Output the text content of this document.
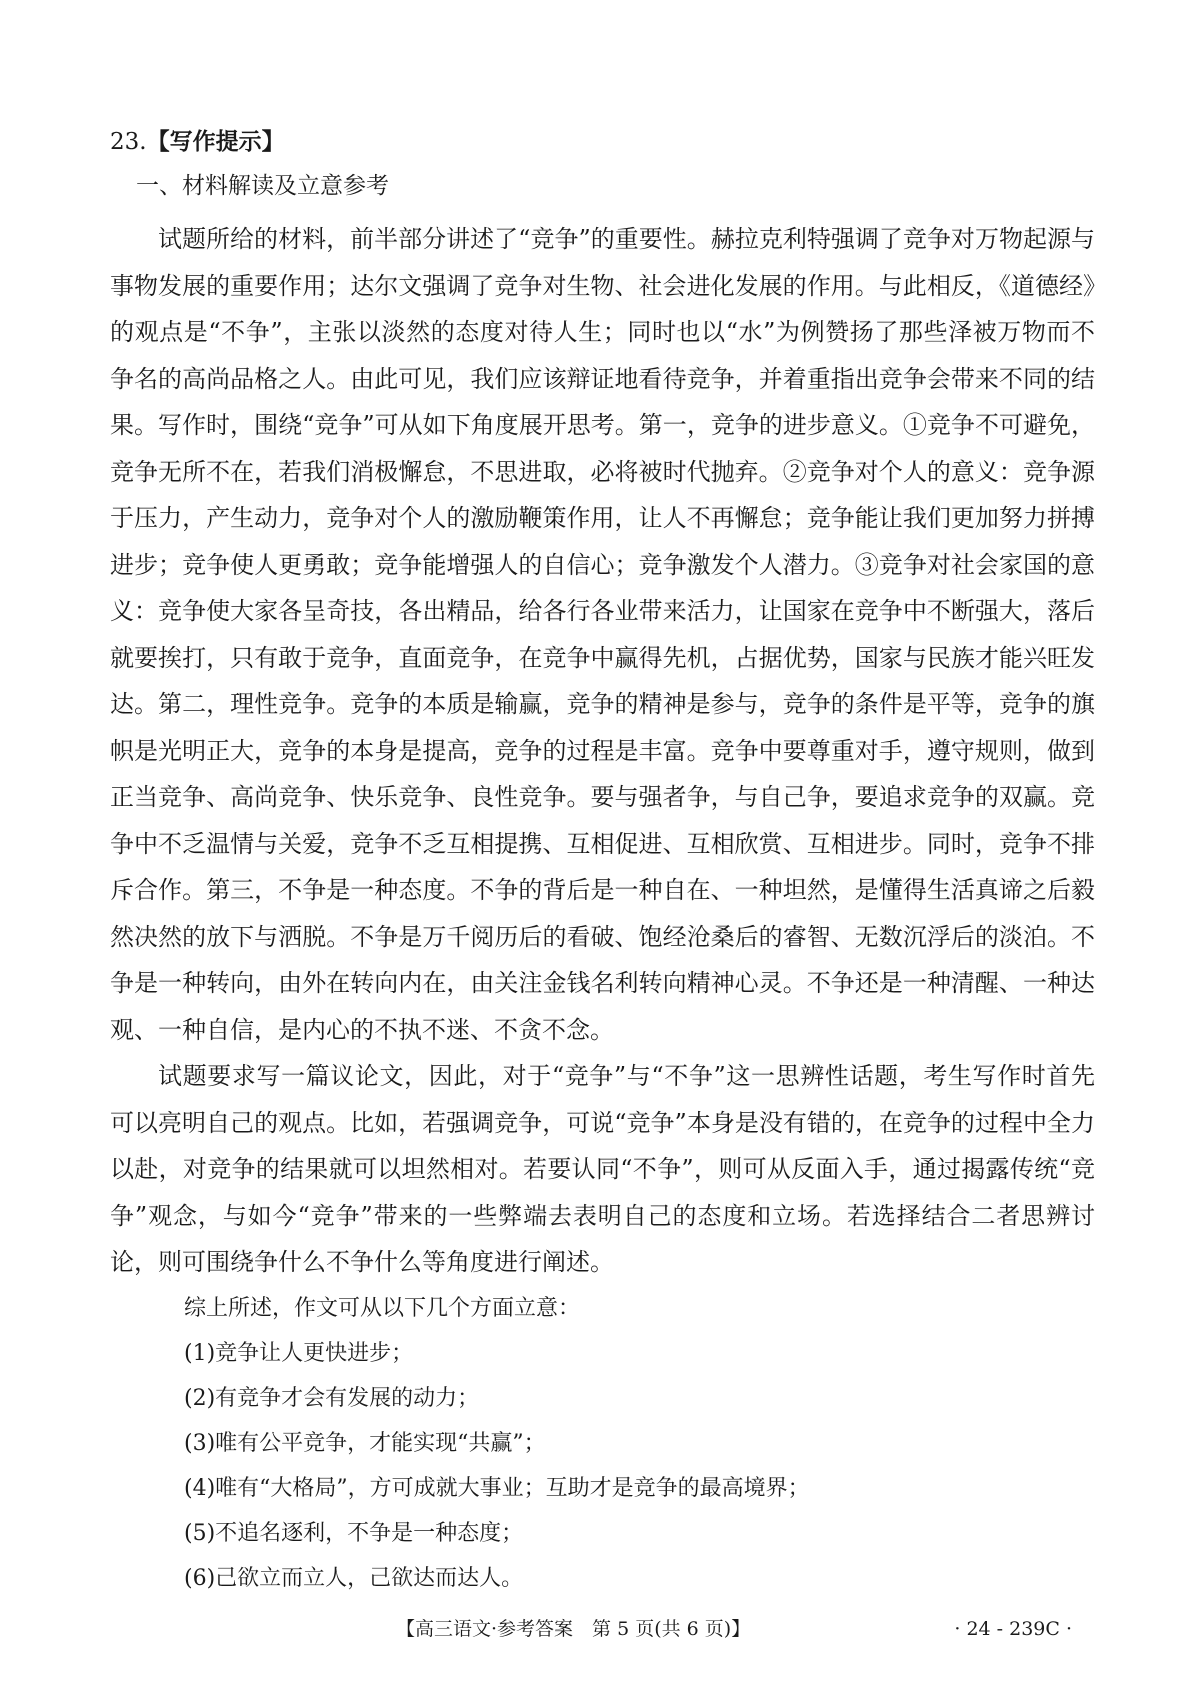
23.【写作提示】
一、材料解读及立意参考

试题所给的材料，前半部分讲述了“竞争”的重要性。赫拉克利特强调了竞争对万物起源与事物发展的重要作用；达尔文强调了竞争对生物、社会进化发展的作用。与此相反，《道德经》的观点是“不争”，主张以淡然的态度对待人生；同时也以“水”为例赞扬了那些泽被万物而不争名的高尚品格之人。由此可见，我们应该辩证地看待竞争，并着重指出竞争会带来不同的结果。写作时，围绕“竞争”可从如下角度展开思考。第一，竞争的进步意义。①竞争不可避免，竞争无所不在，若我们消极懈怠，不思进取，必将被时代抛弃。②竞争对个人的意义：竞争源于压力，产生动力，竞争对个人的激励鞭策作用，让人不再懈怠；竞争能让我们更加努力拼搏进步；竞争使人更勇敢；竞争能增强人的自信心；竞争激发个人潜力。③竞争对社会家国的意义：竞争使大家各呈奇技，各出精品，给各行各业带来活力，让国家在竞争中不断强大，落后就要挨打，只有敢于竞争，直面竞争，在竞争中赢得先机，占据优势，国家与民族才能兴旺发达。第二，理性竞争。竞争的本质是输赢，竞争的精神是参与，竞争的条件是平等，竞争的旗帜是光明正大，竞争的本身是提高，竞争的过程是丰富。竞争中要尊重对手，遵守规则，做到正当竞争、高尚竞争、快乐竞争、良性竞争。要与强者争，与自己争，要追求竞争的双赢。竞争中不乏温情与关爱，竞争不乏互相提携、互相促进、互相欣赏、互相进步。同时，竞争不排斥合作。第三，不争是一种态度。不争的背后是一种自在、一种坦然，是懂得生活真谛之后毅然决然的放下与洒脱。不争是万千阅历后的看破、饱经沧桑后的睿智、无数沉浮后的淡泊。不争是一种转向，由外在转向内在，由关注金钱名利转向精神心灵。不争还是一种清醒、一种达观、一种自信，是内心的不执不迷、不贪不念。

试题要求写一篇议论文，因此，对于“竞争”与“不争”这一思辨性话题，考生写作时首先可以亮明自己的观点。比如，若强调竞争，可说“竞争”本身是没有错的，在竞争的过程中全力以赴，对竞争的结果就可以坦然相对。若要认同“不争”，则可从反面入手，通过揭露传统“竞争”观念，与如今“竞争”带来的一些弊端去表明自己的态度和立场。若选择结合二者思辨讨论，则可围绕争什么不争什么等角度进行阐述。

综上所述，作文可从以下几个方面立意：
(1)竞争让人更快进步；
(2)有竞争才会有发展的动力；
(3)唯有公平竞争，才能实现“共赢”；
(4)唯有“大格局”，方可成就大事业；互助才是竞争的最高境界；
(5)不追名逐利，不争是一种态度；
(6)己欲立而立人，己欲达而达人。
【高三语文·参考答案　第 5 页(共 6 页)】	· 24 - 239C ·
